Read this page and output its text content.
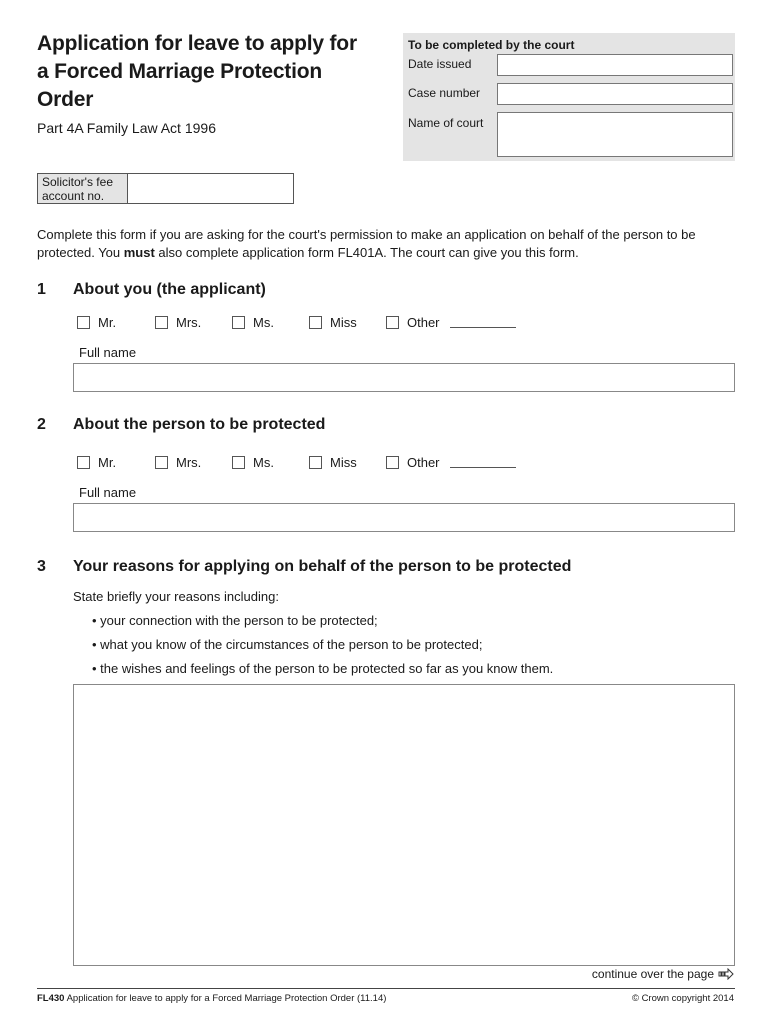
Application for leave to apply for a Forced Marriage Protection Order
Part 4A Family Law Act 1996
To be completed by the court
Date issued
Case number
Name of court
Solicitor's fee account no.
Complete this form if you are asking for the court's permission to make an application on behalf of the person to be protected. You must also complete application form FL401A. The court can give you this form.
1 About you (the applicant)
Mr.	Mrs.	Ms.	Miss	Other
Full name
2 About the person to be protected
Mr.	Mrs.	Ms.	Miss	Other
Full name
3 Your reasons for applying on behalf of the person to be protected
State briefly your reasons including:
• your connection with the person to be protected;
• what you know of the circumstances of the person to be protected;
• the wishes and feelings of the person to be protected so far as you know them.
continue over the page
FL430 Application for leave to apply for a Forced Marriage Protection Order (11.14)	© Crown copyright 2014
